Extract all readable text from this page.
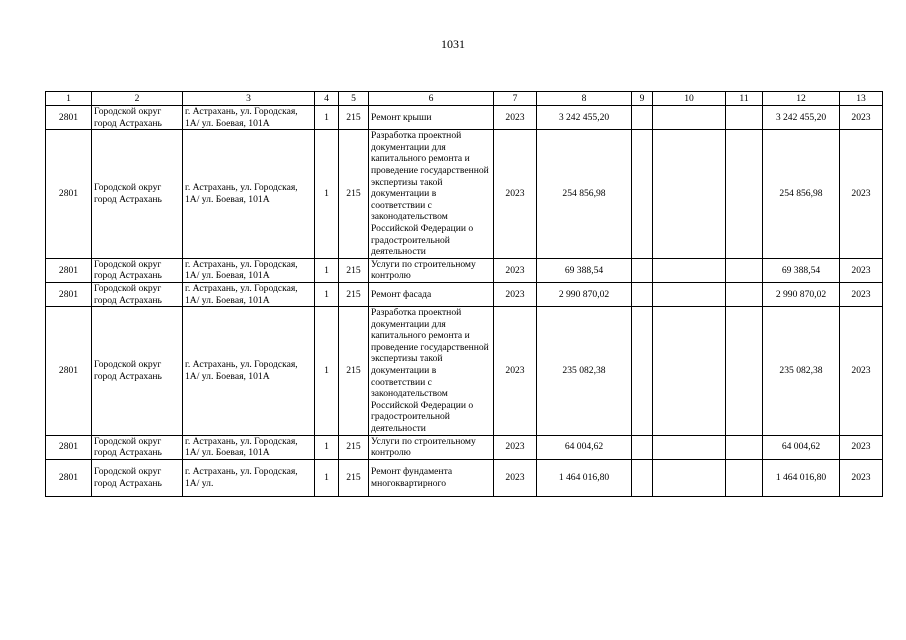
1031
1	2	3	4	5	6	7	8	9	10	11	12	13
2801	Городской округ город Астрахань	г. Астрахань, ул. Городская, 1А/ ул. Боевая, 101А	1	215	Ремонт крыши	2023	3 242 455,20				3 242 455,20	2023
2801	Городской округ город Астрахань	г. Астрахань, ул. Городская, 1А/ ул. Боевая, 101А	1	215	Разработка проектной документации для капитального ремонта и проведение государственной экспертизы такой документации в соответствии с законодательством Российской Федерации о градостроительной деятельности	2023	254 856,98				254 856,98	2023
2801	Городской округ город Астрахань	г. Астрахань, ул. Городская, 1А/ ул. Боевая, 101А	1	215	Услуги по строительному контролю	2023	69 388,54				69 388,54	2023
2801	Городской округ город Астрахань	г. Астрахань, ул. Городская, 1А/ ул. Боевая, 101А	1	215	Ремонт фасада	2023	2 990 870,02				2 990 870,02	2023
2801	Городской округ город Астрахань	г. Астрахань, ул. Городская, 1А/ ул. Боевая, 101А	1	215	Разработка проектной документации для капитального ремонта и проведение государственной экспертизы такой документации в соответствии с законодательством Российской Федерации о градостроительной деятельности	2023	235 082,38				235 082,38	2023
2801	Городской округ город Астрахань	г. Астрахань, ул. Городская, 1А/ ул. Боевая, 101А	1	215	Услуги по строительному контролю	2023	64 004,62				64 004,62	2023

2801	Городской округ город Астрахань	г. Астрахань, ул. Городская, 1А/ ул.	1	215	Ремонт фундамента многоквартирного	2023	1 464 016,80				1 464 016,80	2023
